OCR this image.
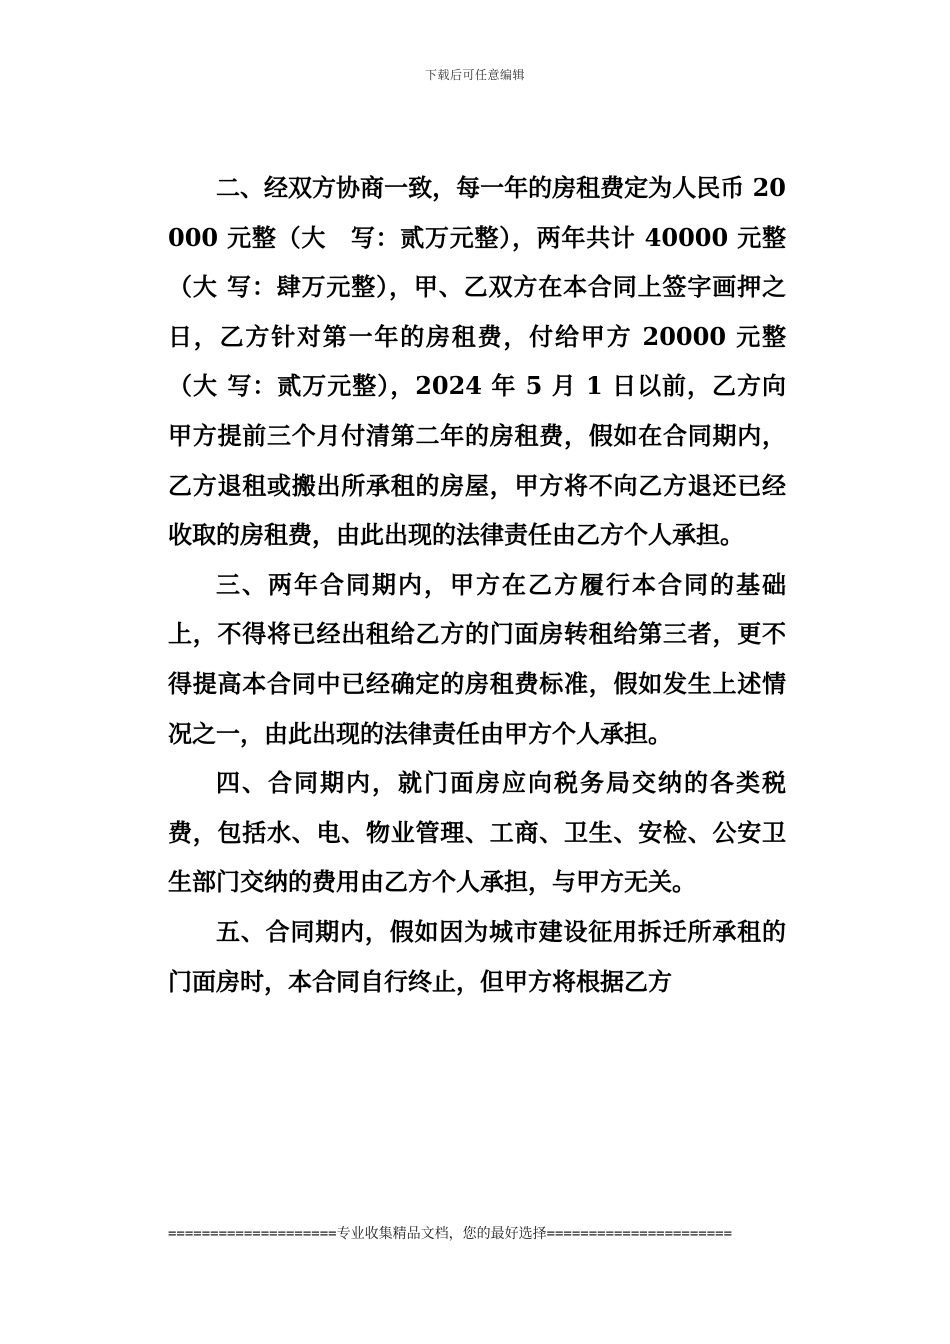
下载后可任意编辑

二、经双方协商一致，每一年的房租费定为人民币 20000 元整（大　写：贰万元整），两年共计 40000 元整（大 写：肆万元整），甲、乙双方在本合同上签字画押之日，乙方针对第一年的房租费，付给甲方 20000 元整（大 写：贰万元整），2024 年 5 月 1 日以前，乙方向甲方提前三个月付清第二年的房租费，假如在合同期内，乙方退租或搬出所承租的房屋，甲方将不向乙方退还已经收取的房租费，由此出现的法律责任由乙方个人承担。

三、两年合同期内，甲方在乙方履行本合同的基础上，不得将已经出租给乙方的门面房转租给第三者，更不得提高本合同中已经确定的房租费标准，假如发生上述情况之一，由此出现的法律责任由甲方个人承担。

四、合同期内，就门面房应向税务局交纳的各类税费，包括水、电、物业管理、工商、卫生、安检、公安卫生部门交纳的费用由乙方个人承担，与甲方无关。

五、合同期内，假如因为城市建设征用拆迁所承租的门面房时，本合同自行终止，但甲方将根据乙方

====================专业收集精品文档，您的最好选择======================
